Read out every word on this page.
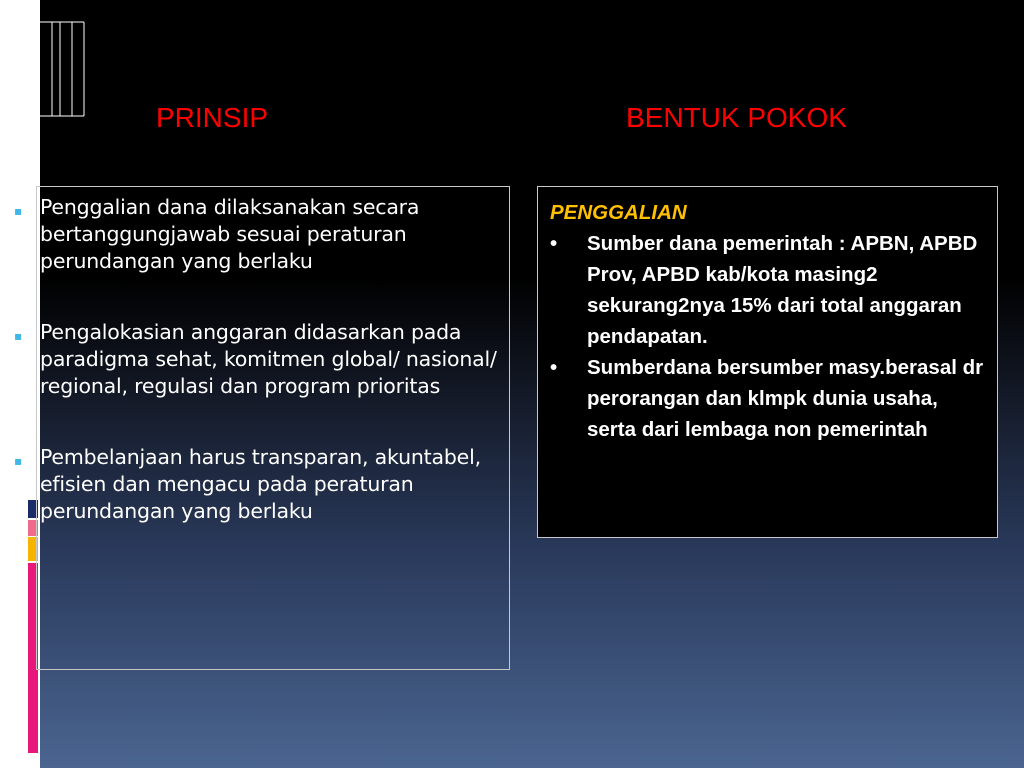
PRINSIP	BENTUK POKOK
▪ Penggalian dana dilaksanakan secara bertanggungjawab sesuai peraturan perundangan yang berlaku
▪ Pengalokasian anggaran didasarkan pada paradigma sehat, komitmen global/ nasional/ regional, regulasi dan program prioritas
▪ Pembelanjaan harus transparan, akuntabel, efisien dan mengacu pada peraturan perundangan yang berlaku
PENGGALIAN
• Sumber dana pemerintah : APBN, APBD Prov, APBD kab/kota masing2 sekurang2nya 15% dari total anggaran pendapatan.
• Sumberdana bersumber masy.berasal dr perorangan dan klmpk dunia usaha, serta dari lembaga non pemerintah
